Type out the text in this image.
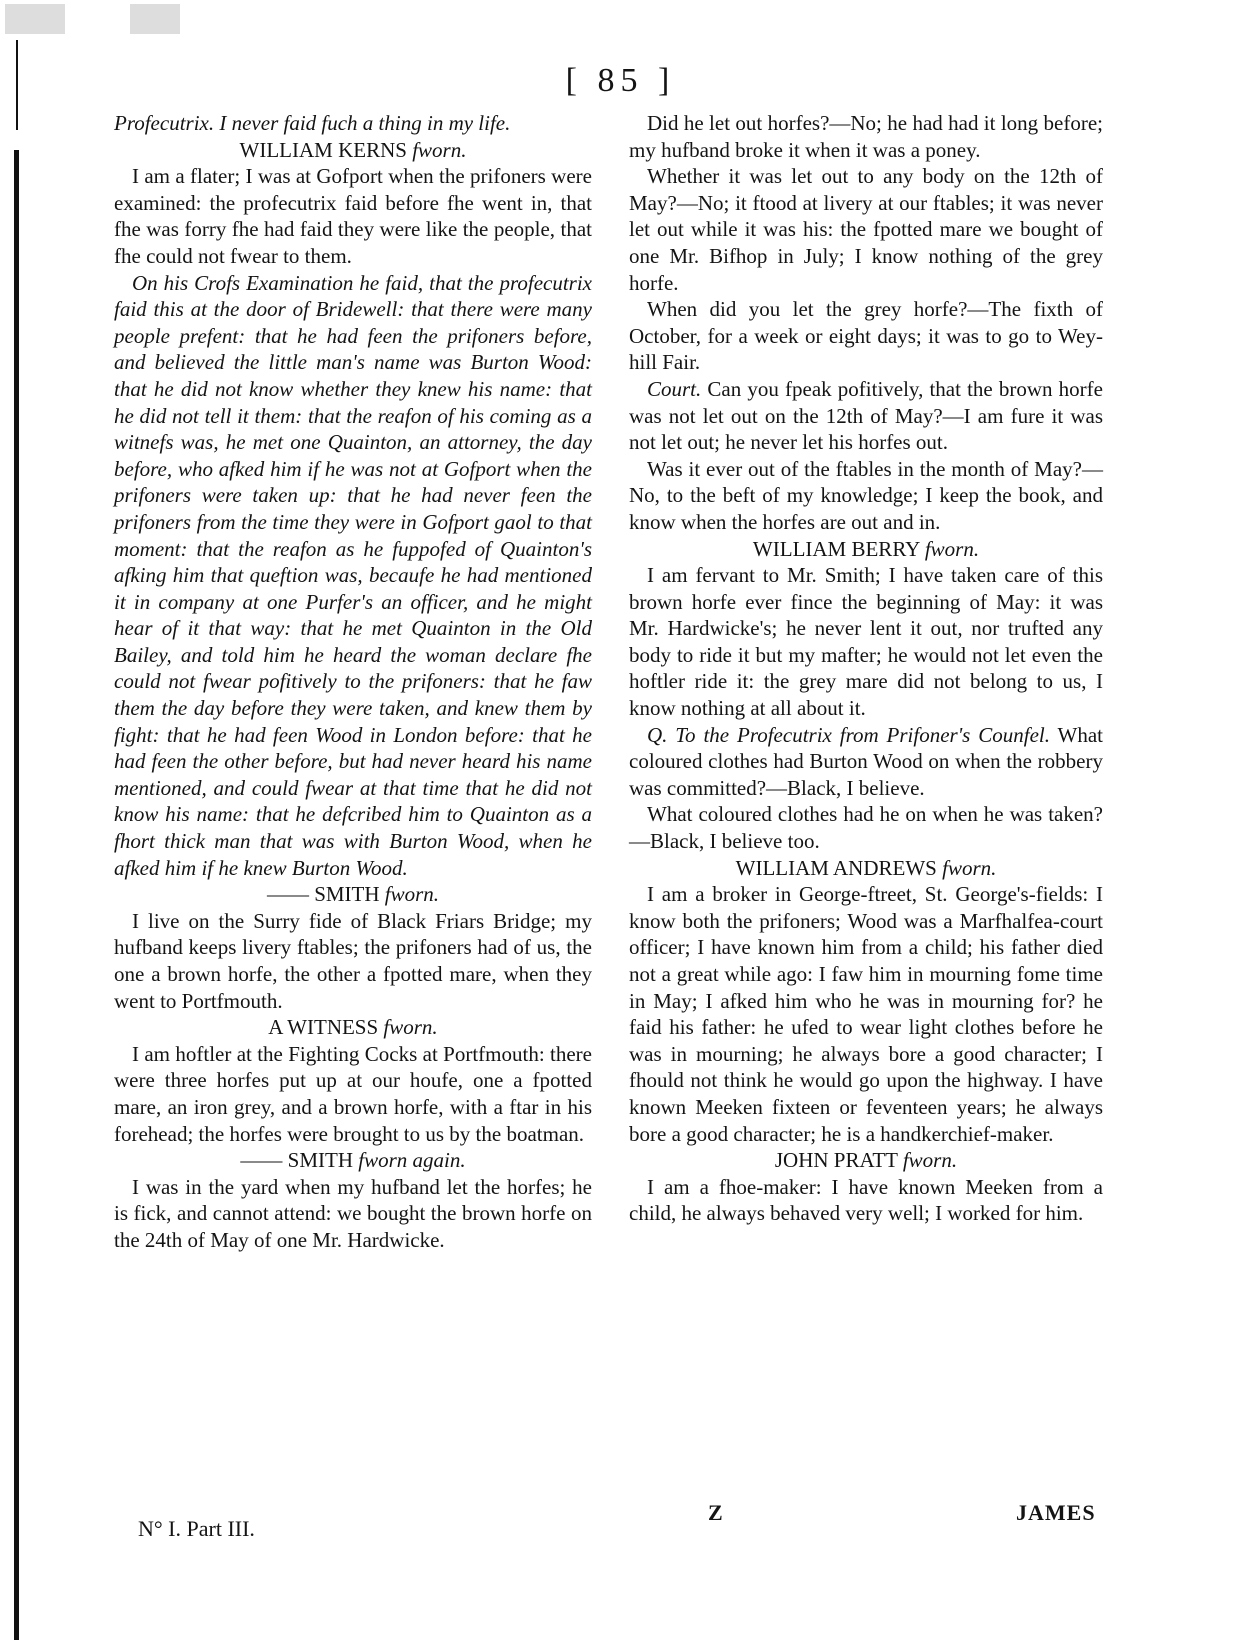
[ 85 ]

Profecutrix. I never faid fuch a thing in my life.

WILLIAM KERNS fworn.

I am a flater; I was at Gofport when the prifoners were examined: the profecutrix faid before fhe went in, that fhe was forry fhe had faid they were like the people, that fhe could not fwear to them.

On his Crofs Examination he faid, that the profecutrix faid this at the door of Bridewell: that there were many people prefent: that he had feen the prifoners before, and believed the little man's name was Burton Wood: that he did not know whether they knew his name: that he did not tell it them: that the reafon of his coming as a witnefs was, he met one Quainton, an attorney, the day before, who afked him if he was not at Gofport when the prifoners were taken up: that he had never feen the prifoners from the time they were in Gofport gaol to that moment: that the reafon as he fuppofed of Quainton's afking him that queftion was, becaufe he had mentioned it in company at one Purfer's an officer, and he might hear of it that way: that he met Quainton in the Old Bailey, and told him he heard the woman declare fhe could not fwear pofitively to the prifoners: that he faw them the day before they were taken, and knew them by fight: that he had feen Wood in London before: that he had feen the other before, but had never heard his name mentioned, and could fwear at that time that he did not know his name: that he defcribed him to Quainton as a fhort thick man that was with Burton Wood, when he afked him if he knew Burton Wood.

—— SMITH fworn.

I live on the Surry fide of Black Friars Bridge; my hufband keeps livery ftables; the prifoners had of us, the one a brown horfe, the other a fpotted mare, when they went to Portfmouth.

A WITNESS fworn.

I am hoftler at the Fighting Cocks at Portfmouth: there were three horfes put up at our houfe, one a fpotted mare, an iron grey, and a brown horfe, with a ftar in his forehead; the horfes were brought to us by the boatman.

—— SMITH fworn again.

I was in the yard when my hufband let the horfes; he is fick, and cannot attend: we bought the brown horfe on the 24th of May of one Mr. Hardwicke.

Did he let out horfes?—No; he had had it long before; my hufband broke it when it was a poney.

Whether it was let out to any body on the 12th of May?—No; it ftood at livery at our ftables; it was never let out while it was his: the fpotted mare we bought of one Mr. Bifhop in July; I know nothing of the grey horfe.

When did you let the grey horfe?—The fixth of October, for a week or eight days; it was to go to Wey-hill Fair.

Court. Can you fpeak pofitively, that the brown horfe was not let out on the 12th of May?—I am fure it was not let out; he never let his horfes out.

Was it ever out of the ftables in the month of May?—No, to the beft of my knowledge; I keep the book, and know when the horfes are out and in.

WILLIAM BERRY fworn.

I am fervant to Mr. Smith; I have taken care of this brown horfe ever fince the beginning of May: it was Mr. Hardwicke's; he never lent it out, nor trufted any body to ride it but my mafter; he would not let even the hoftler ride it: the grey mare did not belong to us, I know nothing at all about it.

Q. To the Profecutrix from Prifoner's Counfel. What coloured clothes had Burton Wood on when the robbery was committed?—Black, I believe.

What coloured clothes had he on when he was taken?—Black, I believe too.

WILLIAM ANDREWS fworn.

I am a broker in George-ftreet, St. George's-fields: I know both the prifoners; Wood was a Marfhalfea-court officer; I have known him from a child; his father died not a great while ago: I faw him in mourning fome time in May; I afked him who he was in mourning for? he faid his father: he ufed to wear light clothes before he was in mourning; he always bore a good character; I fhould not think he would go upon the highway. I have known Meeken fixteen or feventeen years; he always bore a good character; he is a handkerchief-maker.

JOHN PRATT fworn.

I am a fhoe-maker: I have known Meeken from a child, he always behaved very well; I worked for him.

N° I. Part III.
Z	JAMES
